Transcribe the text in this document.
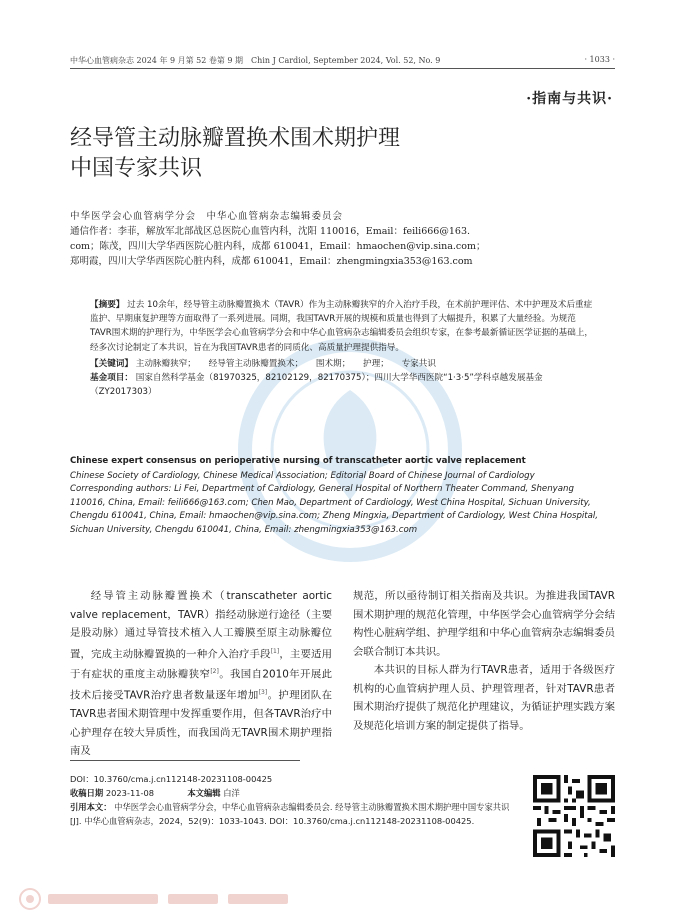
中华心血管病杂志 2024 年 9 月第 52 卷第 9 期　Chin J Cardiol, September 2024, Vol. 52, No. 9	· 1033 ·
·指南与共识·
经导管主动脉瓣置换术围术期护理
中国专家共识
中华医学会心血管病学分会　中华心血管病杂志编辑委员会
通信作者：李菲，解放军北部战区总医院心血管内科，沈阳 110016，Email：feili666@163.
com；陈茂，四川大学华西医院心脏内科，成都 610041，Email：hmaochen@vip.sina.com；
郑明霞，四川大学华西医院心脏内科，成都 610041，Email：zhengmingxia353@163.com
【摘要】 过去 10余年，经导管主动脉瓣置换术（TAVR）作为主动脉瓣狭窄的介入治疗手段，在术前护理评估、术中护理及术后重症监护、早期康复护理等方面取得了一系列进展。同期，我国TAVR开展的规模和质量也得到了大幅提升，积累了大量经验。为规范TAVR围术期的护理行为，中华医学会心血管病学分会和中华心血管病杂志编辑委员会组织专家，在参考最新循证医学证据的基础上，经多次讨论制定了本共识，旨在为我国TAVR患者的同质化、高质量护理提供指导。
【关键词】 主动脉瓣狭窄； 经导管主动脉瓣置换术； 围术期； 护理； 专家共识
基金项目： 国家自然科学基金（81970325，82102129，82170375）；四川大学华西医院“1·3·5”学科卓越发展基金（ZY2017303）
Chinese expert consensus on perioperative nursing of transcatheter aortic valve replacement
Chinese Society of Cardiology, Chinese Medical Association; Editorial Board of Chinese Journal of Cardiology
Corresponding authors: Li Fei, Department of Cardiology, General Hospital of Northern Theater Command, Shenyang 110016, China, Email: feili666@163.com; Chen Mao, Department of Cardiology, West China Hospital, Sichuan University, Chengdu 610041, China, Email: hmaochen@vip.sina.com; Zheng Mingxia, Department of Cardiology, West China Hospital, Sichuan University, Chengdu 610041, China, Email: zhengmingxia353@163.com

经导管主动脉瓣置换术（transcatheter aortic valve replacement，TAVR）指经动脉逆行途径（主要是股动脉）通过导管技术植入人工瓣膜至原主动脉瓣位置，完成主动脉瓣置换的一种介入治疗手段[1]，主要适用于有症状的重度主动脉瓣狭窄[2]。我国自2010年开展此技术后接受TAVR治疗患者数量逐年增加[3]。护理团队在TAVR患者围术期管理中发挥重要作用，但各TAVR治疗中心护理存在较大异质性，而我国尚无TAVR围术期护理指南及

规范，所以亟待制订相关指南及共识。为推进我国TAVR围术期护理的规范化管理，中华医学会心血管病学分会结构性心脏病学组、护理学组和中华心血管病杂志编辑委员会联合制订本共识。

本共识的目标人群为行TAVR患者，适用于各级医疗机构的心血管病护理人员、护理管理者，针对TAVR患者围术期治疗提供了规范化护理建议，为循证护理实践方案及规范化培训方案的制定提供了指导。

DOI：10.3760/cma.j.cn112148-20231108-00425
收稿日期 2023-11-08	本文编辑 白洋
引用本文： 中华医学会心血管病学分会，中华心血管病杂志编辑委员会. 经导管主动脉瓣置换术围术期护理中国专家共识[J]. 中华心血管病杂志，2024，52(9)：1033-1043. DOI：10.3760/cma.j.cn112148-20231108-00425.
